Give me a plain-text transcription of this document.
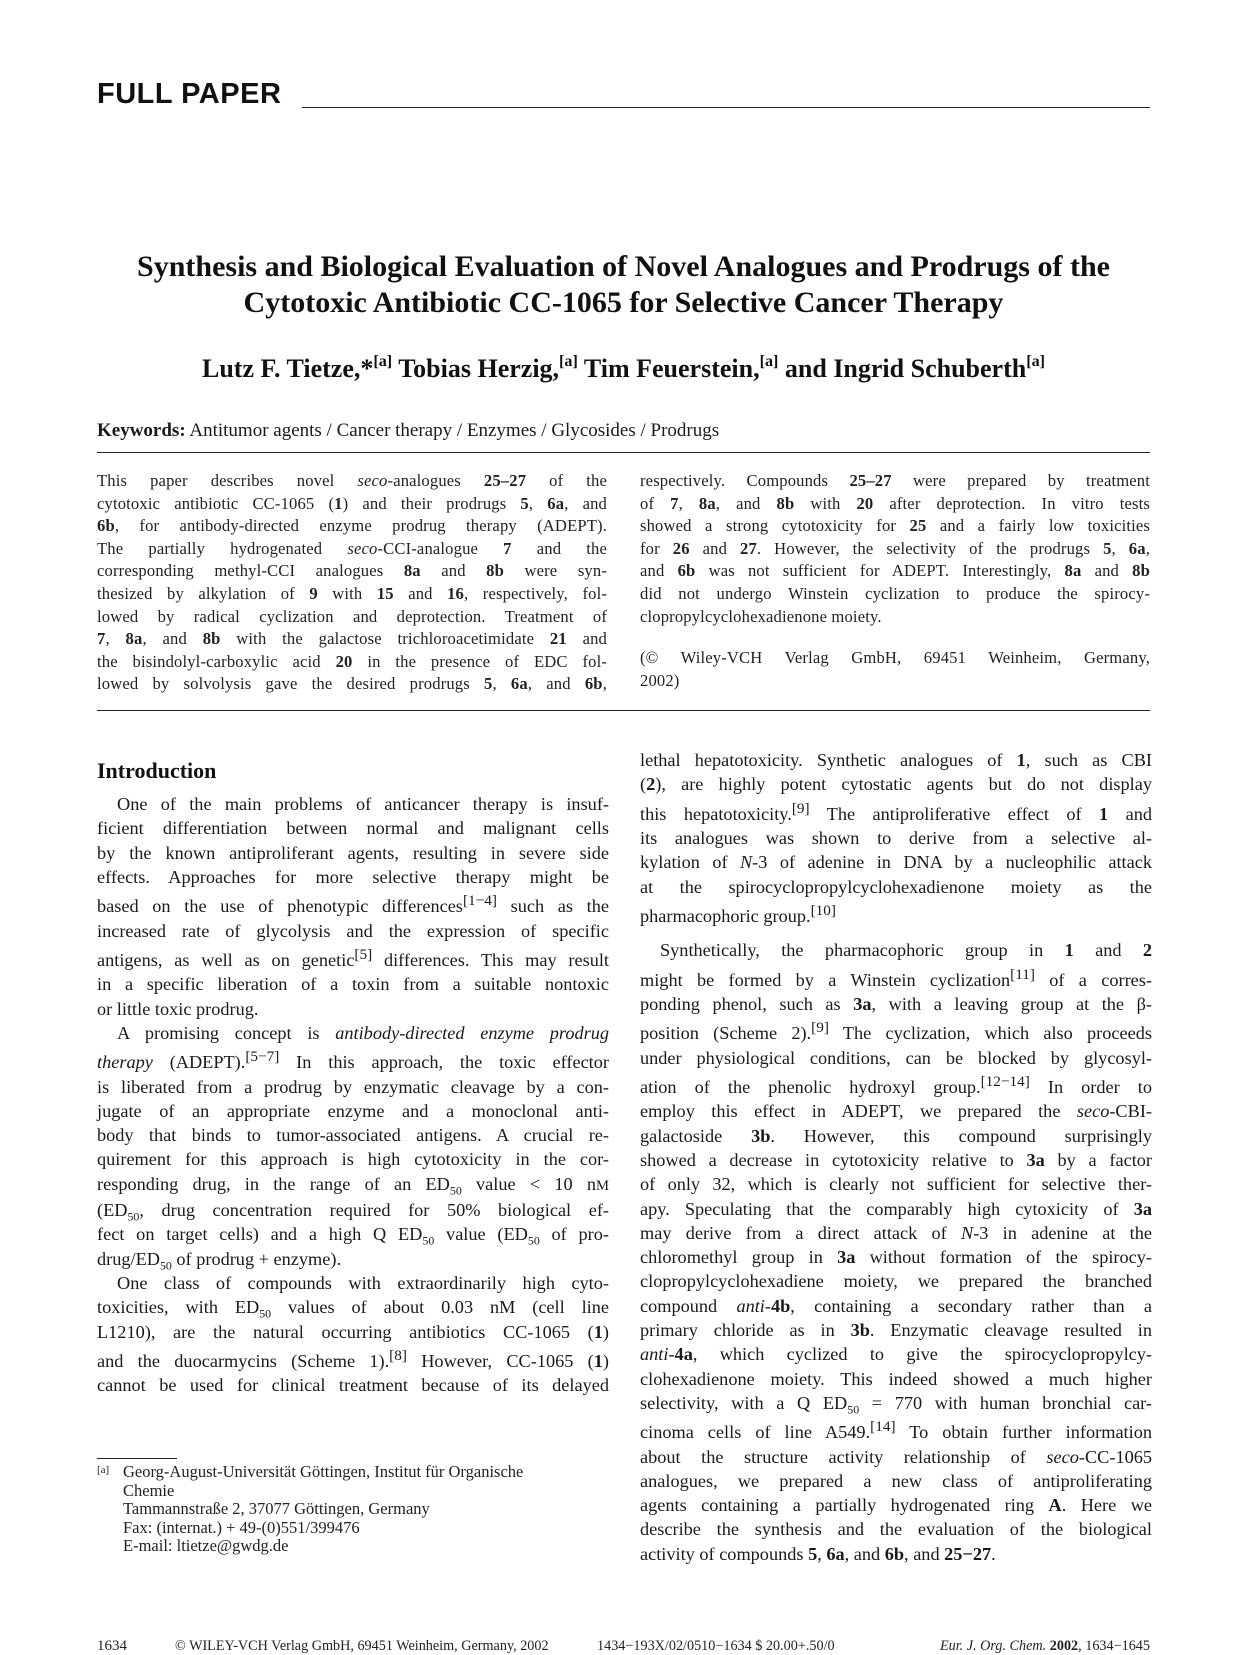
FULL PAPER
Synthesis and Biological Evaluation of Novel Analogues and Prodrugs of the
Cytotoxic Antibiotic CC-1065 for Selective Cancer Therapy
Lutz F. Tietze,*[a] Tobias Herzig,[a] Tim Feuerstein,[a] and Ingrid Schuberth[a]
Keywords: Antitumor agents / Cancer therapy / Enzymes / Glycosides / Prodrugs
This paper describes novel seco-analogues 25–27 of the
cytotoxic antibiotic CC-1065 (1) and their prodrugs 5, 6a, and
6b, for antibody-directed enzyme prodrug therapy (ADEPT).
The partially hydrogenated seco-CCI-analogue 7 and the
corresponding methyl-CCI analogues 8a and 8b were syn-
thesized by alkylation of 9 with 15 and 16, respectively, fol-
lowed by radical cyclization and deprotection. Treatment of
7, 8a, and 8b with the galactose trichloroacetimidate 21 and
the bisindolyl-carboxylic acid 20 in the presence of EDC fol-
lowed by solvolysis gave the desired prodrugs 5, 6a, and 6b,
respectively. Compounds 25–27 were prepared by treatment
of 7, 8a, and 8b with 20 after deprotection. In vitro tests
showed a strong cytotoxicity for 25 and a fairly low toxicities
for 26 and 27. However, the selectivity of the prodrugs 5, 6a,
and 6b was not sufficient for ADEPT. Interestingly, 8a and 8b
did not undergo Winstein cyclization to produce the spirocy-
clopropylcyclohexadienone moiety.
(© Wiley-VCH Verlag GmbH, 69451 Weinheim, Germany,
2002)
Introduction
One of the main problems of anticancer therapy is insuf-
ficient differentiation between normal and malignant cells
by the known antiproliferant agents, resulting in severe side
effects. Approaches for more selective therapy might be
based on the use of phenotypic differences[1−4] such as the
increased rate of glycolysis and the expression of specific
antigens, as well as on genetic[5] differences. This may result
in a specific liberation of a toxin from a suitable nontoxic
or little toxic prodrug.
A promising concept is antibody-directed enzyme prodrug
therapy (ADEPT).[5−7] In this approach, the toxic effector
is liberated from a prodrug by enzymatic cleavage by a con-
jugate of an appropriate enzyme and a monoclonal anti-
body that binds to tumor-associated antigens. A crucial re-
quirement for this approach is high cytotoxicity in the cor-
responding drug, in the range of an $ED_{50}$ value < 10 nM
($ED_{50}$, drug concentration required for 50% biological ef-
fect on target cells) and a high Q $ED_{50}$ value ($ED_{50}$ of pro-
drug/$ED_{50}$ of prodrug + enzyme).
One class of compounds with extraordinarily high cyto-
toxicities, with $ED_{50}$ values of about 0.03 nM (cell line
L1210), are the natural occurring antibiotics CC-1065 (1)
and the duocarmycins (Scheme 1).[8] However, CC-1065 (1)
cannot be used for clinical treatment because of its delayed
lethal hepatotoxicity. Synthetic analogues of 1, such as CBI
(2), are highly potent cytostatic agents but do not display
this hepatotoxicity.[9] The antiproliferative effect of 1 and
its analogues was shown to derive from a selective al-
kylation of N-3 of adenine in DNA by a nucleophilic attack
at the spirocyclopropylcyclohexadienone moiety as the
pharmacophoric group.[10]
Synthetically, the pharmacophoric group in 1 and 2
might be formed by a Winstein cyclization[11] of a corres-
ponding phenol, such as 3a, with a leaving group at the β-
position (Scheme 2).[9] The cyclization, which also proceeds
under physiological conditions, can be blocked by glycosyl-
ation of the phenolic hydroxyl group.[12−14] In order to
employ this effect in ADEPT, we prepared the seco-CBI-
galactoside 3b. However, this compound surprisingly
showed a decrease in cytotoxicity relative to 3a by a factor
of only 32, which is clearly not sufficient for selective ther-
apy. Speculating that the comparably high cytoxicity of 3a
may derive from a direct attack of N-3 in adenine at the
chloromethyl group in 3a without formation of the spirocy-
clopropylcyclohexadiene moiety, we prepared the branched
compound anti-4b, containing a secondary rather than a
primary chloride as in 3b. Enzymatic cleavage resulted in
anti-4a, which cyclized to give the spirocyclopropylcy-
clohexadienone moiety. This indeed showed a much higher
selectivity, with a Q $ED_{50} = 770$ with human bronchial car-
cinoma cells of line A549.[14] To obtain further information
about the structure activity relationship of seco-CC-1065
analogues, we prepared a new class of antiproliferating
agents containing a partially hydrogenated ring A. Here we
describe the synthesis and the evaluation of the biological
activity of compounds 5, 6a, and 6b, and 25−27.
[a] Georg-August-Universität Göttingen, Institut für Organische
Chemie
Tammannstraße 2, 37077 Göttingen, Germany
Fax: (internat.) + 49-(0)551/399476
E-mail: ltietze@gwdg.de
1634	© WILEY-VCH Verlag GmbH, 69451 Weinheim, Germany, 2002	1434−193X/02/0510−1634 $ 20.00+.50/0	Eur. J. Org. Chem. 2002, 1634−1645
